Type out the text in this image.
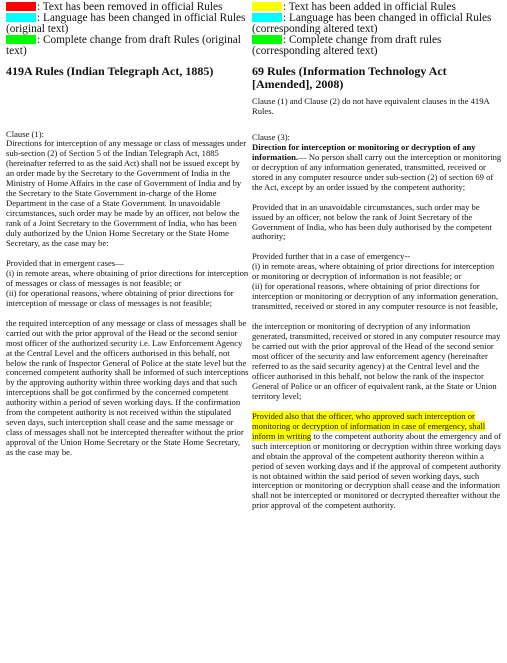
: Text has been removed in official Rules

: Language has been changed in official Rules (original text)

: Complete change from draft Rules (original text)

419A Rules (Indian Telegraph Act, 1885)
Clause (1):

Directions for interception of any message or class of messages under sub-section (2) of Section 5 of the Indian Telegraph Act, 1885 (hereinafter referred to as the said Act) shall not be issued except by an order made by the Secretary to the Government of India in the Ministry of Home Affairs in the case of Government of India and by the Secretary to the State Government in-charge of the Home Department in the case of a State Government. In unavoidable circumstances, such order may be made by an officer, not below the rank of a Joint Secretary to the Government of India, who has been duly authorized by the Union Home Secretary or the State Home Secretary, as the case may be:

Provided that in emergent cases—
(i) in remote areas, where obtaining of prior directions for interception of messages or class of messages is not feasible; or

(ii) for operational reasons, where obtaining of prior directions for interception of message or class of messages is not feasible;

the required interception of any message or class of messages shall be carried out with the prior approval of the Head or the second senior most officer of the authorized security i.e. Law Enforcement Agency at the Central Level and the officers authorised in this behalf, not below the rank of Inspector General of Police at the state level but the concerned competent authority shall be informed of such interceptions by the approving authority within three working days and that such interceptions shall be got confirmed by the concerned competent authority within a period of seven working days. If the confirmation from the competent authority is not received within the stipulated seven days, such interception shall cease and the same message or class of messages shall not be intercepted thereafter without the prior approval of the Union Home Secretary or the State Home Secretary, as the case may be.

: Text has been added in official Rules

: Language has been changed in official Rules (corresponding altered text)

: Complete change from draft rules (corresponding altered text)

69 Rules (Information Technology Act [Amended], 2008)

Clause (1) and Clause (2) do not have equivalent clauses in the 419A Rules.

Clause (3):

Direction for interception or monitoring or decryption of any information.— No person shall carry out the interception or monitoring or decryption of any information generated, transmitted, received or stored in any computer resource under sub-section (2) of section 69 of the Act, except by an order issued by the competent authority;

Provided that in an unavoidable circumstances, such order may be issued by an officer, not below the rank of Joint Secretary of the Government of India, who has been duly authorised by the competent authority;

Provided further that in a case of emergency--
(i) in remote areas, where obtaining of prior directions for interception or monitoring or decryption of information is not feasible; or

(ii) for operational reasons, where obtaining of prior directions for interception or monitoring or decryption of any information generation, transmitted, received or stored in any computer resource is not feasible,

the interception or monitoring of decryption of any information generated, transmitted, received or stored in any computer resource may be carried out with the prior approval of the Head of the second senior most officer of the security and law enforcement agency (hereinafter referred to as the said security agency) at the Central level and the officer authorised in this behalf, not below the rank of the inspector General of Police or an officer of equivalent rank, at the State or Union territory level;

Provided also that the officer, who approved such interception or monitoring or decryption of information in case of emergency, shall inform in writing to the competent authority about the emergency and of such interception or monitoring or decryption within three working days and obtain the approval of the competent authority thereon within a period of seven working days and if the approval of competent authority is not obtained within the said period of seven working days, such interception or monitoring or decryption shall cease and the information shall not be intercepted or monitored or decrypted thereafter without the prior approval of the competent authority.
